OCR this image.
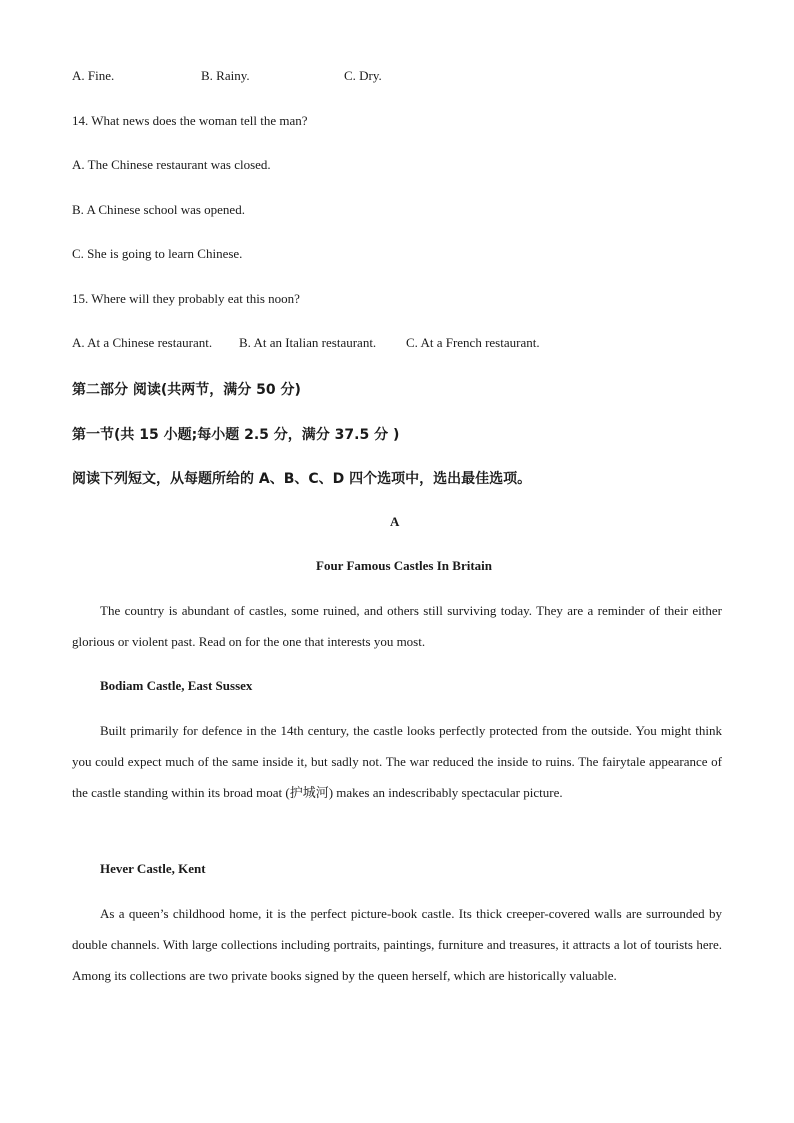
A. Fine.	B. Rainy.	C. Dry.
14. What news does the woman tell the man?
A. The Chinese restaurant was closed.
B. A Chinese school was opened.
C. She is going to learn Chinese.
15. Where will they probably eat this noon?
A. At a Chinese restaurant. B. At an Italian restaurant. C. At a French restaurant.
第二部分 阅读(共两节，满分 50 分)
第一节(共 15 小题;每小题 2.5 分，满分 37.5 分 )
阅读下列短文，从每题所给的 A、B、C、D 四个选项中，选出最佳选项。
A
Four Famous Castles In Britain
The country is abundant of castles, some ruined, and others still surviving today. They are a reminder of their either glorious or violent past. Read on for the one that interests you most.
Bodiam Castle, East Sussex
Built primarily for defence in the 14th century, the castle looks perfectly protected from the outside. You might think you could expect much of the same inside it, but sadly not. The war reduced the inside to ruins. The fairytale appearance of the castle standing within its broad moat (护城河) makes an indescribably spectacular picture.
Hever Castle, Kent
As a queen’s childhood home, it is the perfect picture-book castle. Its thick creeper-covered walls are surrounded by double channels. With large collections including portraits, paintings, furniture and treasures, it attracts a lot of tourists here. Among its collections are two private books signed by the queen herself, which are historically valuable.
